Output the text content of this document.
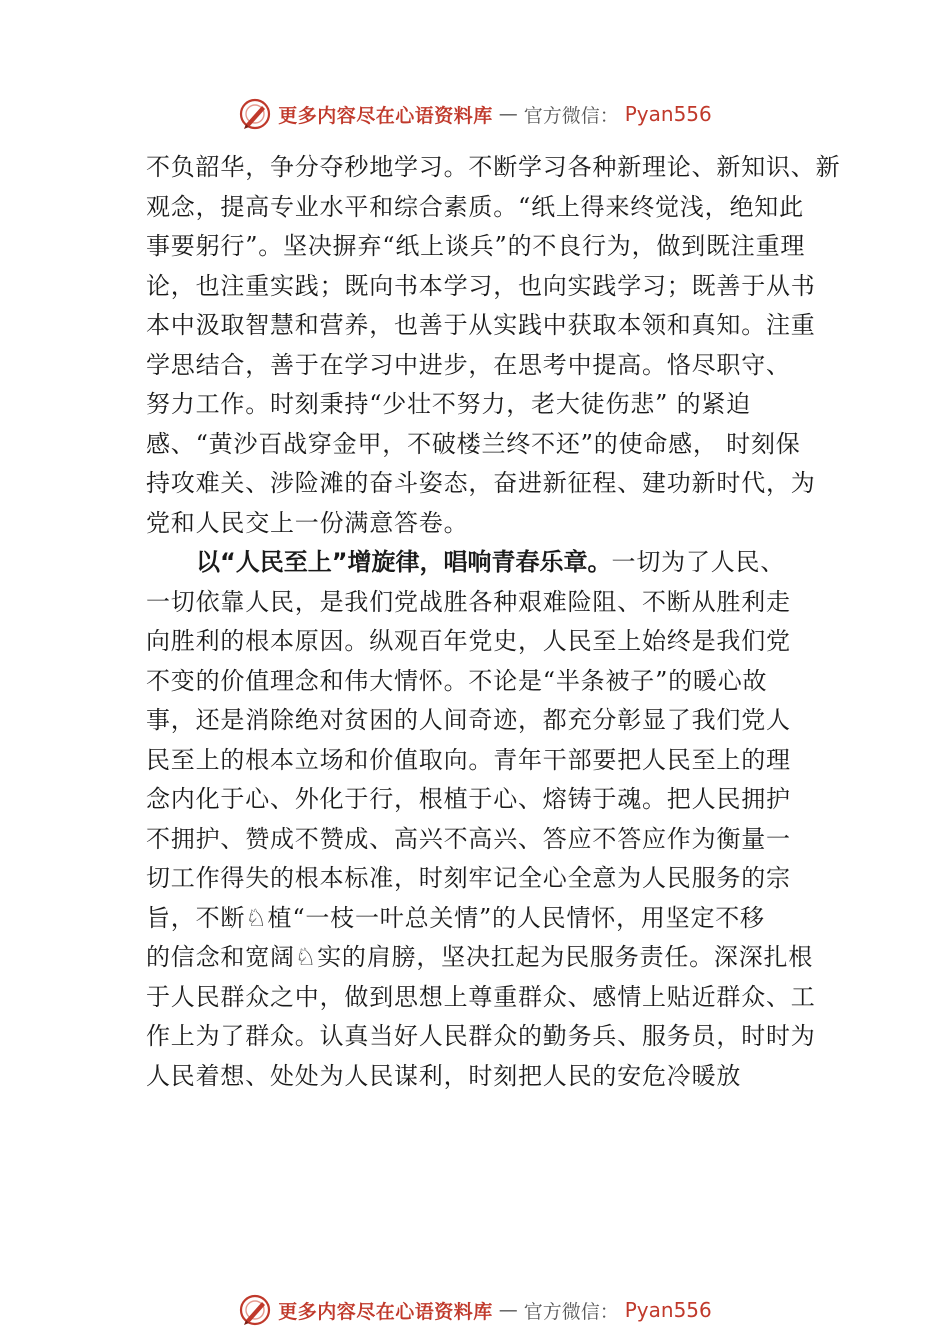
更多内容尽在心语资料库 — 官方微信： Pyan556
不负韶华，争分夺秒地学习。不断学习各种新理论、新知识、新
观念，提高专业水平和综合素质。“纸上得来终觉浅，绝知此
事要躬行”。坚决摒弃“纸上谈兵”的不良行为，做到既注重理
论，也注重实践；既向书本学习，也向实践学习；既善于从书
本中汲取智慧和营养，也善于从实践中获取本领和真知。注重
学思结合，善于在学习中进步，在思考中提高。恪尽职守、
努力工作。时刻秉持“少壮不努力，老大徒伤悲” 的紧迫
感、“黄沙百战穿金甲，不破楼兰终不还”的使命感， 时刻保
持攻难关、涉险滩的奋斗姿态，奋进新征程、建功新时代，为
党和人民交上一份满意答卷。
以“人民至上”增旋律，唱响青春乐章。一切为了人民、
一切依靠人民，是我们党战胜各种艰难险阻、不断从胜利走
向胜利的根本原因。纵观百年党史，人民至上始终是我们党
不变的价值理念和伟大情怀。不论是“半条被子”的暖心故
事，还是消除绝对贫困的人间奇迹，都充分彰显了我们党人
民至上的根本立场和价值取向。青年干部要把人民至上的理
念内化于心、外化于行，根植于心、熔铸于魂。把人民拥护
不拥护、赞成不赞成、高兴不高兴、答应不答应作为衡量一
切工作得失的根本标准，时刻牢记全心全意为人民服务的宗
旨，不断♘植“一枝一叶总关情”的人民情怀，用坚定不移
的信念和宽阔♘实的肩膀，坚决扛起为民服务责任。深深扎根
于人民群众之中，做到思想上尊重群众、感情上贴近群众、工
作上为了群众。认真当好人民群众的勤务兵、服务员，时时为
人民着想、处处为人民谋利，时刻把人民的安危冷暖放
更多内容尽在心语资料库 — 官方微信： Pyan556
